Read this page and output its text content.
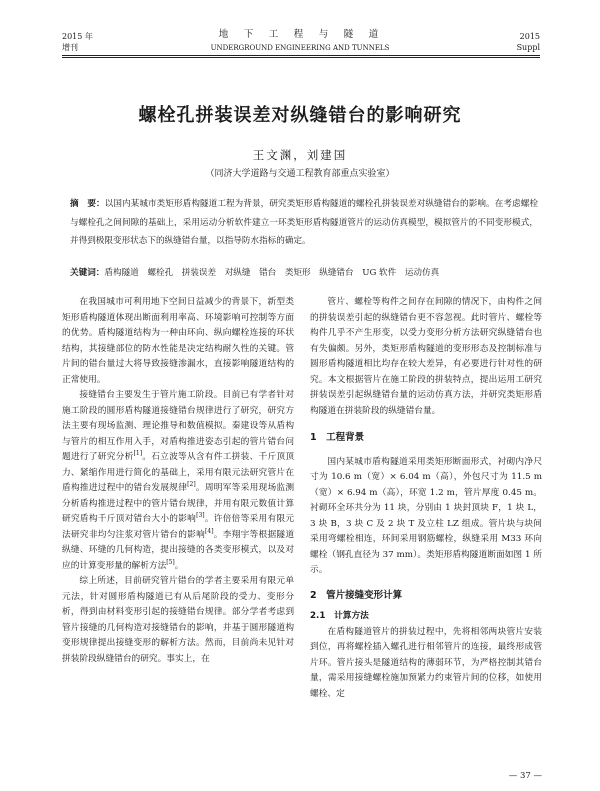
2015 年
增刊
地　下　工　程　与　隧　道
UNDERGROUND ENGINEERING AND TUNNELS
2015
Suppl
螺栓孔拼装误差对纵缝错台的影响研究
王文渊，刘建国
（同济大学道路与交通工程教育部重点实验室）
摘　要：以国内某城市类矩形盾构隧道工程为背景，研究类矩形盾构隧道的螺栓孔拼装误差对纵缝错台的影响。在考虑螺栓与螺栓孔之间间隙的基础上，采用运动分析软件建立一环类矩形盾构隧道管片的运动仿真模型，模拟管片的不同变形模式，并得到极限变形状态下的纵缝错台量，以指导防水指标的确定。
关键词：盾构隧道　螺栓孔　拼装误差　对纵缝　错台　类矩形　纵缝错台　UG 软件　运动仿真

在我国城市可利用地下空间日益减少的背景下，新型类矩形盾构隧道体现出断面利用率高、环境影响可控制等方面的优势。盾构隧道结构为一种由环向、纵向螺栓连接的环状结构，其接缝部位的防水性能是决定结构耐久性的关键。管片间的错台量过大将导致接缝渗漏水，直接影响隧道结构的正常使用。

接缝错台主要发生于管片施工阶段。目前已有学者针对施工阶段的圆形盾构隧道接缝错台规律进行了研究，研究方法主要有现场监测、理论推导和数值模拟。秦建设等从盾构与管片的相互作用入手，对盾构推进姿态引起的管片错台问题进行了研究分析[1]。石立波等从含有件工拼装、千斤顶顶力、紧缩作用进行简化的基础上，采用有限元法研究管片在盾构推进过程中的错台发展规律[2]。周明军等采用现场监测分析盾构推进过程中的管片错台规律，并用有限元数值计算研究盾构千斤顶对错台大小的影响[3]。许倍倍等采用有限元法研究非均匀注浆对管片错台的影响[4]。李翔宇等根据隧道纵缝、环缝的几何构造，提出接缝的各类变形模式，以及对应的计算变形量的解析方法[5]。

综上所述，目前研究管片错台的学者主要采用有限元单元法，针对圆形盾构隧道已有从后尾阶段的受力、变形分析，得到由材料变形引起的接缝错台规律。部分学者考虑到管片接缝的几何构造对接缝错台的影响，并基于圆形隧道构变形规律提出接缝变形的解析方法。然而，目前尚未见针对拼装阶段纵缝错台的研究。事实上，在

管片、螺栓等构件之间存在间隙的情况下，由构件之间的拼装误差引起的纵缝错台更不容忽视。此时管片、螺栓等构件几乎不产生形变，以受力变形分析方法研究纵缝错台也有失偏颇。另外，类矩形盾构隧道的变形形态及控制标准与圆形盾构隧道相比均存在较大差异，有必要进行针对性的研究。本文根据管片在施工阶段的拼装特点，提出运用工研究拼装误差引起纵缝错台量的运动仿真方法，并研究类矩形盾构隧道在拼装阶段的纵缝错台量。

1　工程背景

国内某城市盾构隧道采用类矩形断面形式，衬砌内净尺寸为 10.6 m（宽）× 6.04 m（高），外包尺寸为 11.5 m（宽）× 6.94 m（高），环宽 1.2 m，管片厚度 0.45 m。衬砌环全环共分为 11 块，分别由 1 块封顶块 F，1 块 L，3 块 B，3 块 C 及 2 块 T 及立柱 LZ 组成。管片块与块间采用弯螺栓相连，环间采用钢筋螺栓，纵缝采用 M33 环向螺栓（钢孔直径为 37 mm）。类矩形盾构隧道断面如图 1 所示。

2　管片接缝变形计算
2.1　计算方法

在盾构隧道管片的拼装过程中，先将相邻两块管片安装到位，再将螺栓插入螺孔进行相邻管片的连接，最终形成管片环。管片接头是隧道结构的薄弱环节，为严格控制其错台量，需采用接缝螺栓施加预紧力约束管片间的位移，如使用螺栓、定

— 37 —
